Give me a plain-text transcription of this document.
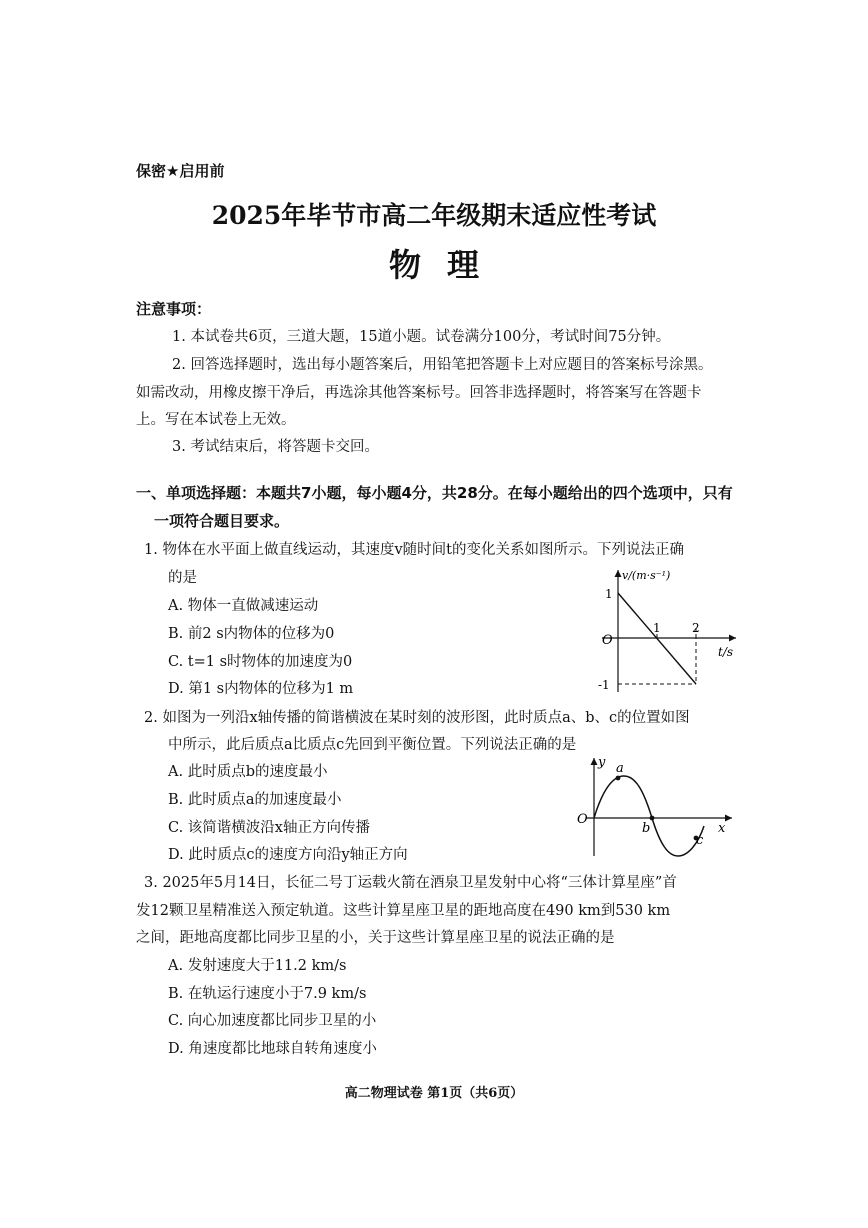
保密★启用前
2025年毕节市高二年级期末适应性考试
物理
注意事项：
1. 本试卷共6页，三道大题，15道小题。试卷满分100分，考试时间75分钟。
2. 回答选择题时，选出每小题答案后，用铅笔把答题卡上对应题目的答案标号涂黑。
如需改动，用橡皮擦干净后，再选涂其他答案标号。回答非选择题时，将答案写在答题卡
上。写在本试卷上无效。
3. 考试结束后，将答题卡交回。
一、单项选择题：本题共7小题，每小题4分，共28分。在每小题给出的四个选项中，只有
一项符合题目要求。
1. 物体在水平面上做直线运动，其速度v随时间t的变化关系如图所示。下列说法正确
的是
A. 物体一直做减速运动
B. 前2 s内物体的位移为0
C. t=1 s时物体的加速度为0
D. 第1 s内物体的位移为1 m
v/(m·s⁻¹)
t/s
O
1
-1
1	2
2. 如图为一列沿x轴传播的简谐横波在某时刻的波形图，此时质点a、b、c的位置如图
中所示，此后质点a比质点c先回到平衡位置。下列说法正确的是
A. 此时质点b的速度最小
B. 此时质点a的加速度最小
C. 该简谐横波沿x轴正方向传播
D. 此时质点c的速度方向沿y轴正方向
y
x
O
a
b
c
3. 2025年5月14日，长征二号丁运载火箭在酒泉卫星发射中心将“三体计算星座”首
发12颗卫星精准送入预定轨道。这些计算星座卫星的距地高度在490 km到530 km
之间，距地高度都比同步卫星的小，关于这些计算星座卫星的说法正确的是
A. 发射速度大于11.2 km/s
B. 在轨运行速度小于7.9 km/s
C. 向心加速度都比同步卫星的小
D. 角速度都比地球自转角速度小
高二物理试卷 第1页（共6页）
